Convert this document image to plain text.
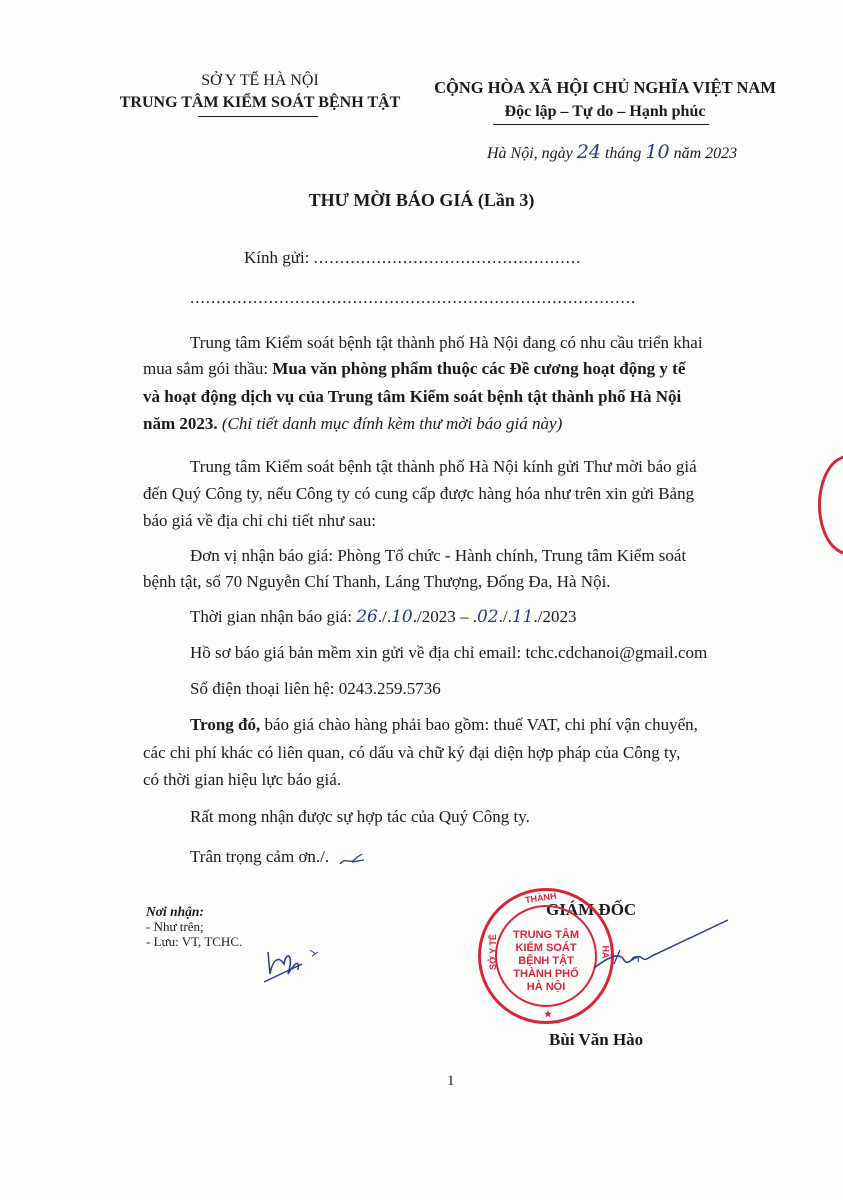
SỞ Y TẾ HÀ NỘI
TRUNG TÂM KIỂM SOÁT BỆNH TẬT
CỘNG HÒA XÃ HỘI CHỦ NGHĨA VIỆT NAM
Độc lập – Tự do – Hạnh phúc
Hà Nội, ngày 24 tháng 10 năm 2023
THƯ MỜI BÁO GIÁ (Lần 3)
Kính gửi: ...................................................
.....................................................................................
Trung tâm Kiểm soát bệnh tật thành phố Hà Nội đang có nhu cầu triển khai
mua sắm gói thầu: Mua văn phòng phẩm thuộc các Đề cương hoạt động y tế
và hoạt động dịch vụ của Trung tâm Kiểm soát bệnh tật thành phố Hà Nội
năm 2023. (Chi tiết danh mục đính kèm thư mời báo giá này)
Trung tâm Kiểm soát bệnh tật thành phố Hà Nội kính gửi Thư mời báo giá
đến Quý Công ty, nếu Công ty có cung cấp được hàng hóa như trên xin gửi Bảng
báo giá về địa chỉ chi tiết như sau:
Đơn vị nhận báo giá: Phòng Tổ chức - Hành chính, Trung tâm Kiểm soát
bệnh tật, số 70 Nguyễn Chí Thanh, Láng Thượng, Đống Đa, Hà Nội.
Thời gian nhận báo giá: 26./.10./2023 – .02./.11./2023
Hồ sơ báo giá bản mềm xin gửi về địa chỉ email: tchc.cdchanoi@gmail.com
Số điện thoại liên hệ: 0243.259.5736
Trong đó, báo giá chào hàng phải bao gồm: thuế VAT, chi phí vận chuyển,
các chi phí khác có liên quan, có dấu và chữ ký đại diện hợp pháp của Công ty,
có thời gian hiệu lực báo giá.
Rất mong nhận được sự hợp tác của Quý Công ty.
Trân trọng cảm ơn./.
Nơi nhận:
- Như trên;
- Lưu: VT, TCHC.
GIÁM ĐỐC
TRUNG TÂM
KIỂM SOÁT
BỆNH TẬT
THÀNH PHỐ
HÀ NỘI
THÀNH
SỞ Y TẾ	HÀ
★
Bùi Văn Hào
1
